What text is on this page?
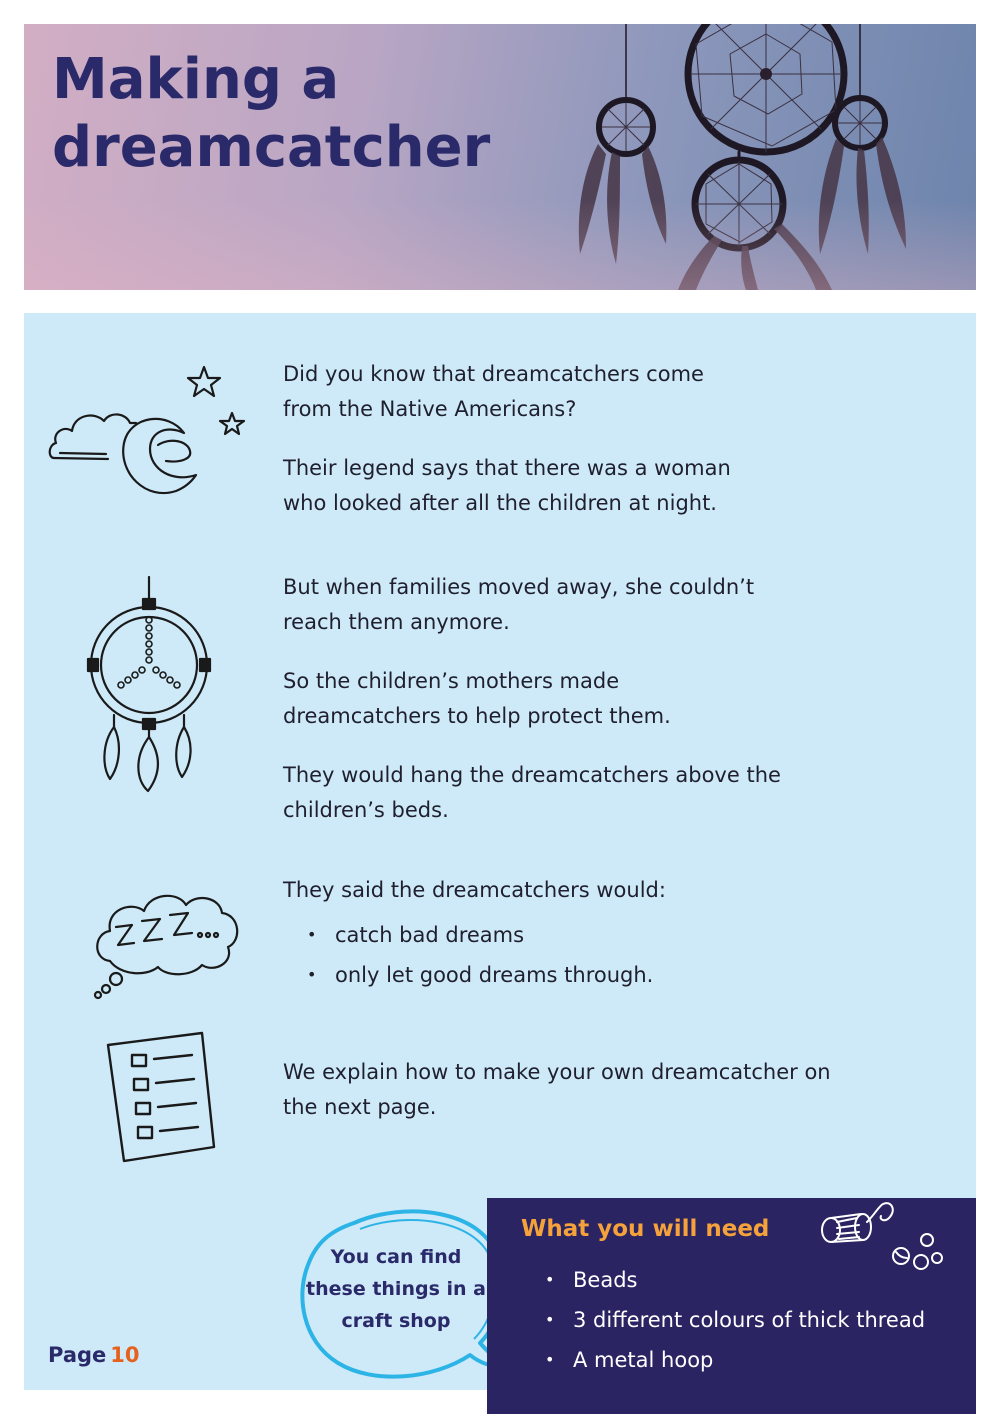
Making a
dreamcatcher

Did you know that dreamcatchers come from the Native Americans?

Their legend says that there was a woman who looked after all the children at night.

But when families moved away, she couldn’t reach them anymore.

So the children’s mothers made dreamcatchers to help protect them.

They would hang the dreamcatchers above the children’s beds.

They said the dreamcatchers would:

• catch bad dreams
• only let good dreams through.

We explain how to make your own dreamcatcher on the next page.

You can find these things in a craft shop

Page 10
What you will need
• Beads
• 3 different colours of thick thread
• A metal hoop
